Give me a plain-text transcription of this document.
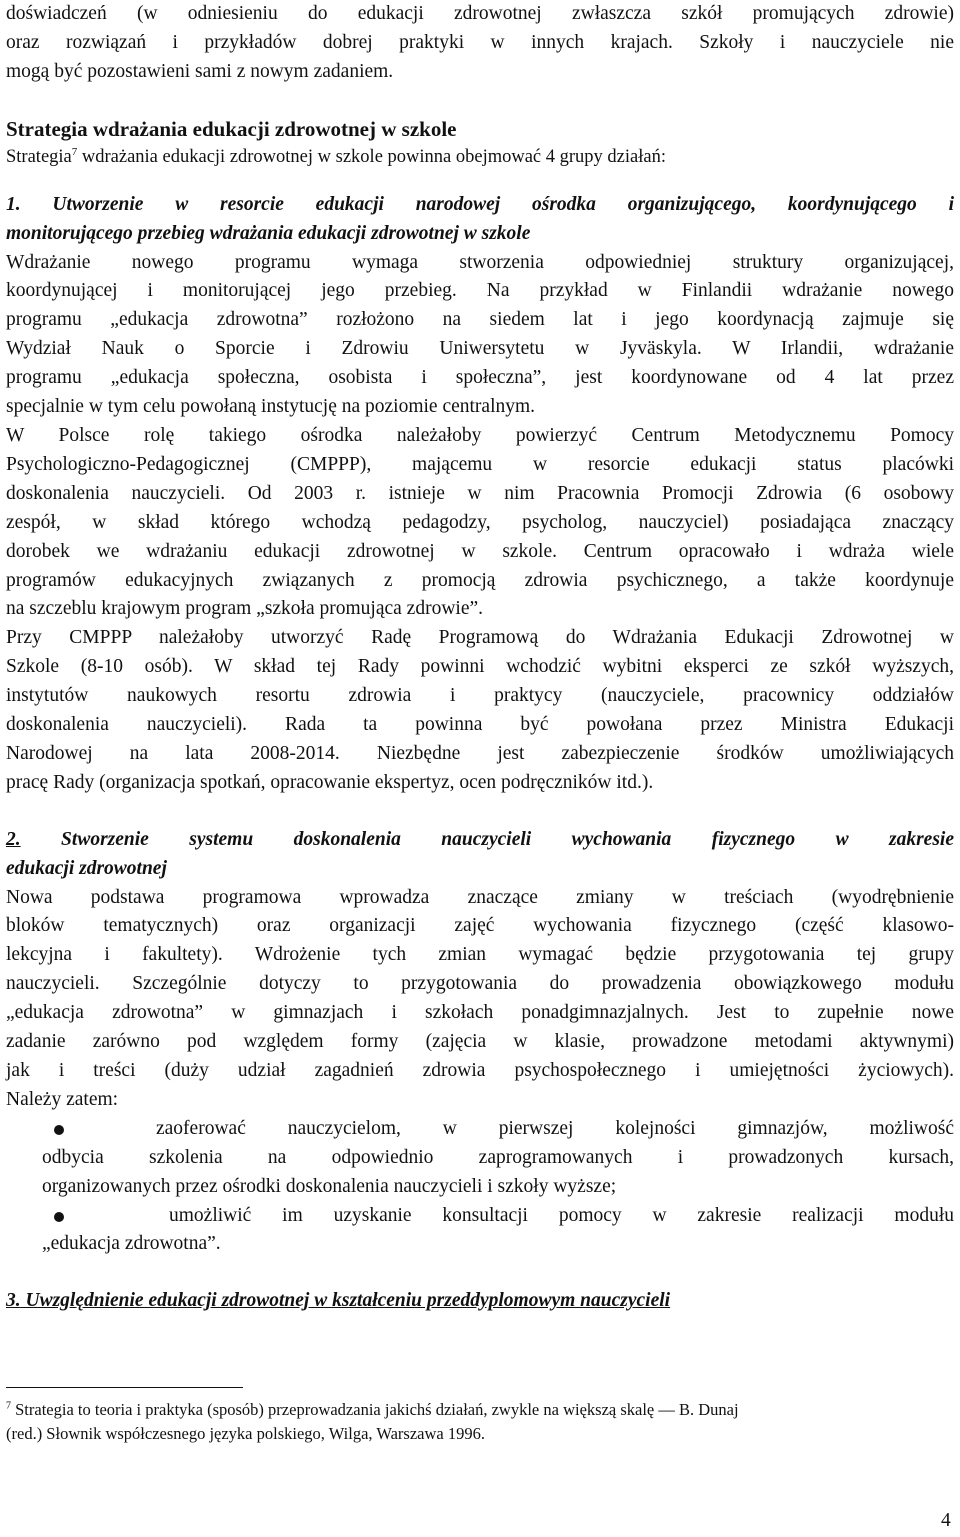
doświadczeń (w odniesieniu do edukacji zdrowotnej zwłaszcza szkół promujących zdrowie)
oraz rozwiązań i przykładów dobrej praktyki w innych krajach. Szkoły i nauczyciele nie
mogą być pozostawieni sami z nowym zadaniem.
Strategia wdrażania edukacji zdrowotnej w szkole
Strategia$^7$ wdrażania edukacji zdrowotnej w szkole powinna obejmować 4 grupy działań:
1. Utworzenie w resorcie edukacji narodowej ośrodka organizującego, koordynującego i
monitorującego przebieg wdrażania edukacji zdrowotnej w szkole
Wdrażanie nowego programu wymaga stworzenia odpowiedniej struktury organizującej,
koordynującej i monitorującej jego przebieg. Na przykład w Finlandii wdrażanie nowego
programu „edukacja zdrowotna” rozłożono na siedem lat i jego koordynacją zajmuje się
Wydział Nauk o Sporcie i Zdrowiu Uniwersytetu w Jyväskyla. W Irlandii, wdrażanie
programu „edukacja społeczna, osobista i społeczna”, jest koordynowane od 4 lat przez
specjalnie w tym celu powołaną instytucję na poziomie centralnym.
W Polsce rolę takiego ośrodka należałoby powierzyć Centrum Metodycznemu Pomocy
Psychologiczno-Pedagogicznej (CMPPP), mającemu w resorcie edukacji status placówki
doskonalenia nauczycieli. Od 2003 r. istnieje w nim Pracownia Promocji Zdrowia (6 osobowy
zespół, w skład którego wchodzą pedagodzy, psycholog, nauczyciel) posiadająca znaczący
dorobek we wdrażaniu edukacji zdrowotnej w szkole. Centrum opracowało i wdraża wiele
programów edukacyjnych związanych z promocją zdrowia psychicznego, a także koordynuje
na szczeblu krajowym program „szkoła promująca zdrowie”.
Przy CMPPP należałoby utworzyć Radę Programową do Wdrażania Edukacji Zdrowotnej w
Szkole (8-10 osób). W skład tej Rady powinni wchodzić wybitni eksperci ze szkół wyższych,
instytutów naukowych resortu zdrowia i praktycy (nauczyciele, pracownicy oddziałów
doskonalenia nauczycieli). Rada ta powinna być powołana przez Ministra Edukacji
Narodowej na lata 2008-2014. Niezbędne jest zabezpieczenie środków umożliwiających
pracę Rady (organizacja spotkań, opracowanie ekspertyz, ocen podręczników itd.).
2. Stworzenie systemu doskonalenia nauczycieli wychowania fizycznego w zakresie
edukacji zdrowotnej
Nowa podstawa programowa wprowadza znaczące zmiany w treściach (wyodrębnienie
bloków tematycznych) oraz organizacji zajęć wychowania fizycznego (część klasowo-
lekcyjna i fakultety). Wdrożenie tych zmian wymagać będzie przygotowania tej grupy
nauczycieli. Szczególnie dotyczy to przygotowania do prowadzenia obowiązkowego modułu
„edukacja zdrowotna” w gimnazjach i szkołach ponadgimnazjalnych. Jest to zupełnie nowe
zadanie zarówno pod względem formy (zajęcia w klasie, prowadzone metodami aktywnymi)
jak i treści (duży udział zagadnień zdrowia psychospołecznego i umiejętności życiowych).
Należy zatem:
zaoferować nauczycielom, w pierwszej kolejności gimnazjów, możliwość
odbycia szkolenia na odpowiednio zaprogramowanych i prowadzonych kursach,
organizowanych przez ośrodki doskonalenia nauczycieli i szkoły wyższe;
umożliwić im uzyskanie konsultacji pomocy w zakresie realizacji modułu
„edukacja zdrowotna”.
3. Uwzględnienie edukacji zdrowotnej w kształceniu przeddyplomowym nauczycieli
$^7$ Strategia to teoria i praktyka (sposób) przeprowadzania jakichś działań, zwykle na większą skalę — B. Dunaj
(red.) Słownik współczesnego języka polskiego, Wilga, Warszawa 1996.
4
